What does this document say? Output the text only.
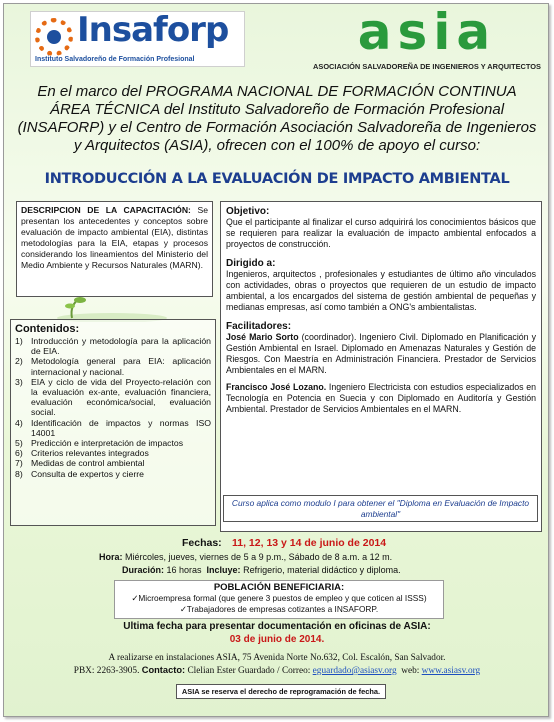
Insaforp
Instituto Salvadoreño de Formación Profesional	asia
ASOCIACIÓN SALVADOREÑA DE INGENIEROS Y ARQUITECTOS
En el marco del PROGRAMA NACIONAL DE FORMACIÓN CONTINUA
ÁREA TÉCNICA del Instituto Salvadoreño de Formación Profesional
(INSAFORP) y el Centro de Formación Asociación Salvadoreña de Ingenieros
y Arquitectos (ASIA), ofrecen con el 100% de apoyo el curso:
INTRODUCCIÓN A LA EVALUACIÓN DE IMPACTO AMBIENTAL
DESCRIPCION DE LA CAPACITACIÓN: Se presentan los antecedentes y conceptos sobre evaluación de impacto ambiental (EIA), distintas metodologías para la EIA, etapas y procesos considerando los lineamientos del Ministerio del Medio Ambiente y Recursos Naturales (MARN).
Contenidos:
1) Introducción y metodología para la aplicación de EIA.
2) Metodología general para EIA: aplicación internacional y nacional.
3) EIA y ciclo de vida del Proyecto-relación con la evaluación ex-ante, evaluación financiera, evaluación económica/social, evaluación social.
4) Identificación de impactos y normas ISO 14001
5) Predicción e interpretación de impactos
6) Criterios relevantes integrados
7) Medidas de control ambiental
8) Consulta de expertos y cierre
Objetivo:
Que el participante al finalizar el curso adquirirá los conocimientos básicos que se requieren para realizar la evaluación de impacto ambiental enfocados a proyectos de construcción.
Dirigido a:
Ingenieros, arquitectos , profesionales y estudiantes de último año vinculados con actividades, obras o proyectos que requieren de un estudio de impacto ambiental, a los encargados del sistema de gestión ambiental de pequeñas y medianas empresas, así como también a ONG's ambientalistas.
Facilitadores:
José Mario Sorto (coordinador). Ingeniero Civil. Diplomado en Planificación y Gestión Ambiental en Israel. Diplomado en Amenazas Naturales y Gestión de Riesgos. Con Maestría en Administración Financiera. Prestador de Servicios Ambientales en el MARN.
Francisco José Lozano. Ingeniero Electricista con estudios especializados en Tecnología en Potencia en Suecia y con Diplomado en Auditoría y Gestión Ambiental. Prestador de Servicios Ambientales en el MARN.
Curso aplica como modulo I para obtener el "Diploma en Evaluación de Impacto ambiental"
Fechas: 11, 12, 13 y 14 de junio de 2014
Hora: Miércoles, jueves, viernes de 5 a 9 p.m., Sábado de 8 a.m. a 12 m.
Duración: 16 horas  Incluye: Refrigerio, material didáctico y diploma.
POBLACIÓN BENEFICIARIA:
✓Microempresa formal (que genere 3 puestos de empleo y que coticen al ISSS)
✓Trabajadores de empresas cotizantes a INSAFORP.
Ultima fecha para presentar documentación en oficinas de ASIA:
03 de junio de 2014.
A realizarse en instalaciones ASIA, 75 Avenida Norte No.632, Col. Escalón, San Salvador.
PBX: 2263-3905. Contacto: Clelian Ester Guardado / Correo: eguardado@asiasv.org  web: www.asiasv.org
ASIA se reserva el derecho de reprogramación de fecha.
